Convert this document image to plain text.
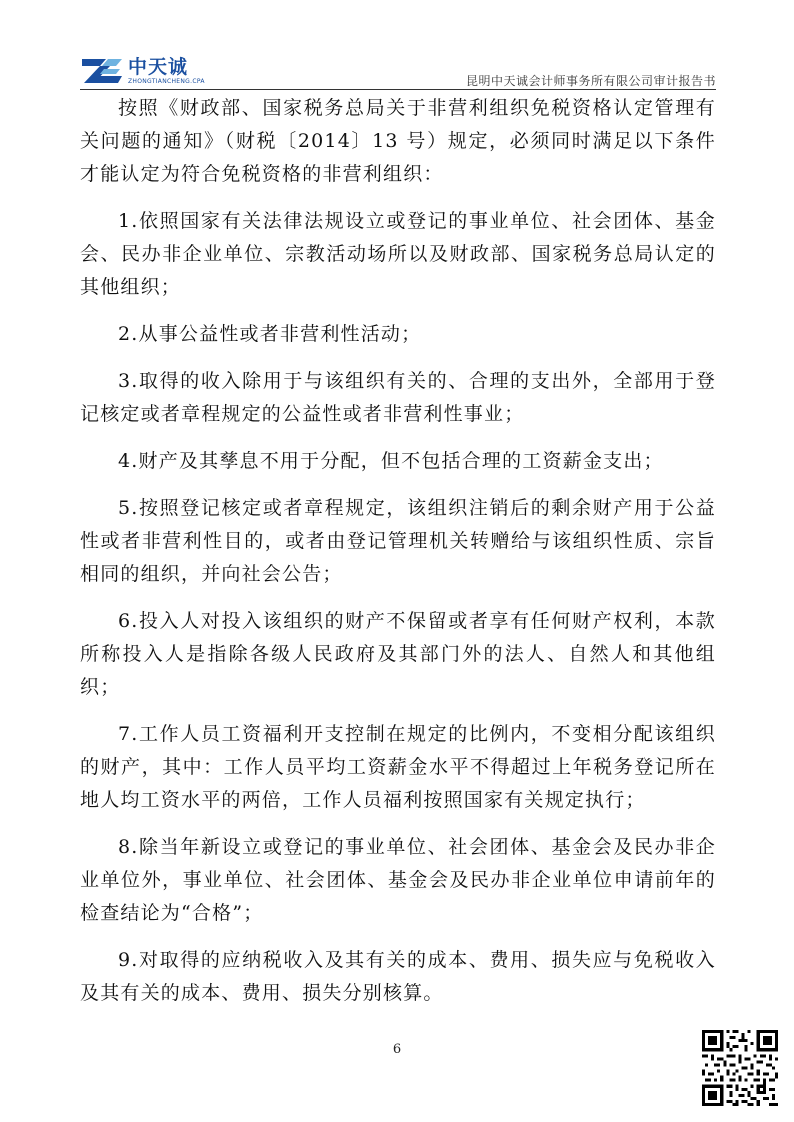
中天诚
ZHONGTIANCHENG.CPA	昆明中天诚会计师事务所有限公司审计报告书

按照《财政部、国家税务总局关于非营利组织免税资格认定管理有关问题的通知》（财税〔2014〕13 号）规定，必须同时满足以下条件才能认定为符合免税资格的非营利组织：

1.依照国家有关法律法规设立或登记的事业单位、社会团体、基金会、民办非企业单位、宗教活动场所以及财政部、国家税务总局认定的其他组织；

2.从事公益性或者非营利性活动；

3.取得的收入除用于与该组织有关的、合理的支出外，全部用于登记核定或者章程规定的公益性或者非营利性事业；

4.财产及其孳息不用于分配，但不包括合理的工资薪金支出；

5.按照登记核定或者章程规定，该组织注销后的剩余财产用于公益性或者非营利性目的，或者由登记管理机关转赠给与该组织性质、宗旨相同的组织，并向社会公告；

6.投入人对投入该组织的财产不保留或者享有任何财产权利，本款所称投入人是指除各级人民政府及其部门外的法人、自然人和其他组织；

7.工作人员工资福利开支控制在规定的比例内，不变相分配该组织的财产，其中：工作人员平均工资薪金水平不得超过上年税务登记所在地人均工资水平的两倍，工作人员福利按照国家有关规定执行；

8.除当年新设立或登记的事业单位、社会团体、基金会及民办非企业单位外，事业单位、社会团体、基金会及民办非企业单位申请前年的检查结论为“合格”；

9.对取得的应纳税收入及其有关的成本、费用、损失应与免税收入及其有关的成本、费用、损失分别核算。

6
